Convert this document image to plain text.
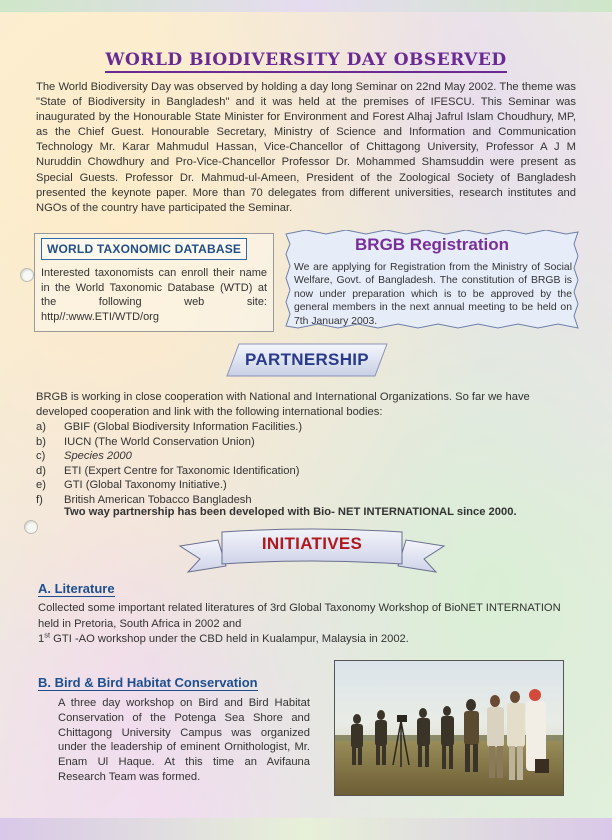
WORLD BIODIVERSITY DAY OBSERVED

The World Biodiversity Day was observed by holding a day long Seminar on 22nd May 2002. The theme was "State of Biodiversity in Bangladesh" and it was held at the premises of IFESCU. This Seminar was inaugurated by the Honourable State Minister for Environment and Forest Alhaj Jafrul Islam Choudhury, MP, as the Chief Guest. Honourable Secretary, Ministry of Science and Information and Communication Technology Mr. Karar Mahmudul Hassan, Vice-Chancellor of Chittagong University, Professor A J M Nuruddin Chowdhury and Pro-Vice-Chancellor Professor Dr. Mohammed Shamsuddin were present as Special Guests. Professor Dr. Mahmud-ul-Ameen, President of the Zoological Society of Bangladesh presented the keynote paper. More than 70 delegates from different universities, research institutes and NGOs of the country have participated the Seminar.

WORLD TAXONOMIC DATABASE

Interested taxonomists can enroll their name in the World Taxonomic Database (WTD) at the following web site: http//:www.ETI/WTD/org

BRGB Registration

We are applying for Registration from the Ministry of Social Welfare, Govt. of Bangladesh. The constitution of BRGB is now under preparation which is to be approved by the general members in the next annual meeting to be held on 7th January 2003.

PARTNERSHIP

BRGB is working in close cooperation with National and International Organizations. So far we have developed cooperation and link with the following international bodies:

a)	GBIF (Global Biodiversity Information Facilities.)
b)	IUCN (The World Conservation Union)
c)	Species 2000
d)	ETI (Expert Centre for Taxonomic Identification)
e)	GTI (Global Taxonomy Initiative.)
f)	British American Tobacco Bangladesh

Two way partnership has been developed with Bio- NET INTERNATIONAL since 2000.

INITIATIVES
A. Literature

Collected some important related literatures of 3rd Global Taxonomy Workshop of BioNET INTERNATION held in Pretoria, South Africa in 2002 and
1st GTI -AO workshop under the CBD held in Kualampur, Malaysia in 2002.

B. Bird & Bird Habitat Conservation

A three day workshop on Bird and Bird Habitat Conservation of the Potenga Sea Shore and Chittagong University Campus was organized under the leadership of eminent Ornithologist, Mr. Enam Ul Haque. At this time an Avifauna Research Team was formed.
